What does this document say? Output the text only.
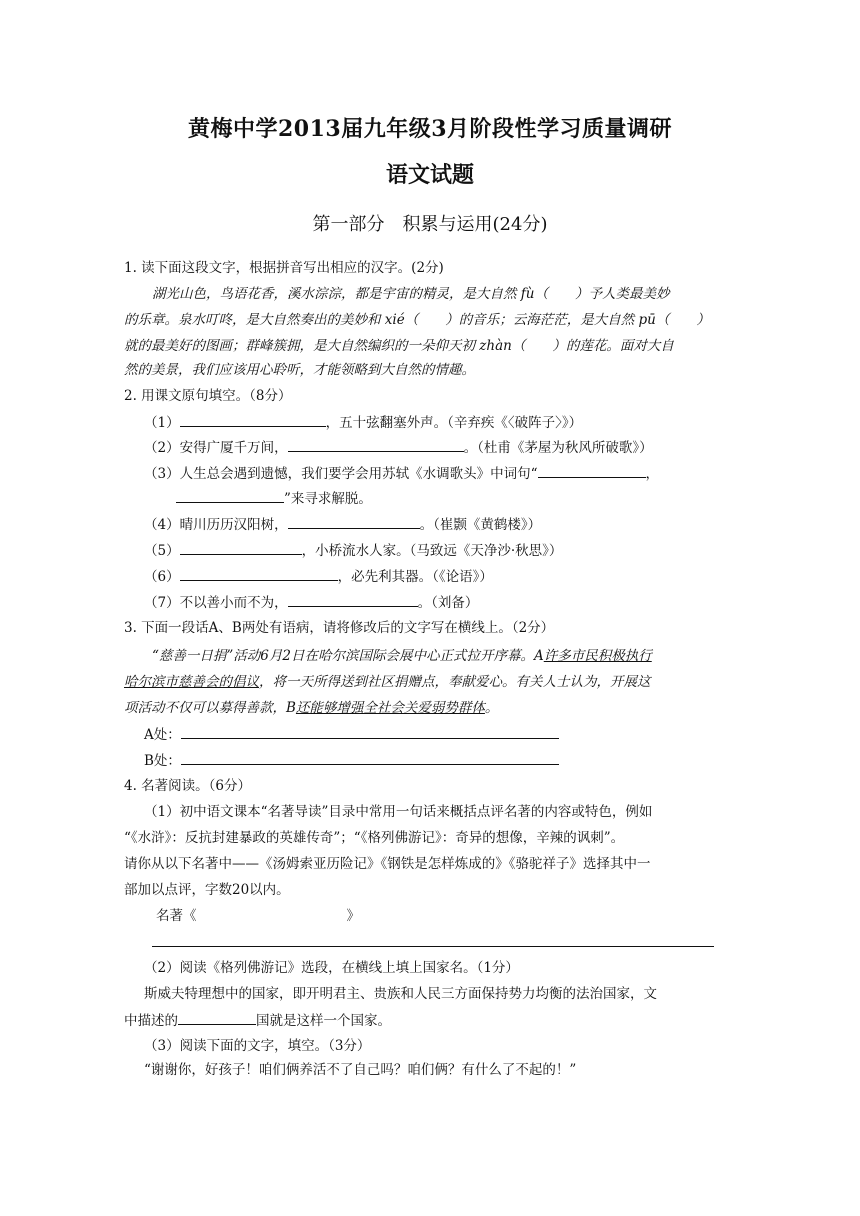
黄梅中学2013届九年级3月阶段性学习质量调研
语文试题
第一部分　积累与运用(24分)
1. 读下面这段文字，根据拼音写出相应的汉字。(2分)
湖光山色，鸟语花香，溪水淙淙，都是宇宙的精灵，是大自然 fù（　　）予人类最美妙
的乐章。泉水叮咚，是大自然奏出的美妙和 xié（　　）的音乐；云海茫茫，是大自然 pū（　　）
就的最美好的图画；群峰簇拥，是大自然编织的一朵仰天初 zhàn（　　）的莲花。面对大自
然的美景，我们应该用心聆听，才能领略到大自然的情趣。
2. 用课文原句填空。（8分）
（1）	，五十弦翻塞外声。（辛弃疾《〈破阵子〉》）
（2）安得广厦千万间，	。（杜甫《茅屋为秋风所破歌》）
（3）人生总会遇到遗憾，我们要学会用苏轼《水调歌头》中词句“	，
”来寻求解脱。
（4）晴川历历汉阳树，	。（崔颢《黄鹤楼》）
（5）	，小桥流水人家。（马致远《天净沙·秋思》）
（6）	，必先利其器。（《论语》）
（7）不以善小而不为，	。（刘备）
3. 下面一段话A、B两处有语病，请将修改后的文字写在横线上。（2分）
“慈善一日捐”活动6月2日在哈尔滨国际会展中心正式拉开序幕。A许多市民积极执行
哈尔滨市慈善会的倡议，将一天所得送到社区捐赠点，奉献爱心。有关人士认为，开展这
项活动不仅可以募得善款，B还能够增强全社会关爱弱势群体。
A处：
B处：
4. 名著阅读。（6分）
（1）初中语文课本“名著导读”目录中常用一句话来概括点评名著的内容或特色，例如
“《水浒》：反抗封建暴政的英雄传奇”；“《格列佛游记》：奇异的想像，辛辣的讽刺”。
请你从以下名著中——《汤姆索亚历险记》《钢铁是怎样炼成的》《骆驼祥子》选择其中一
部加以点评，字数20以内。
名著《	》
（2）阅读《格列佛游记》选段，在横线上填上国家名。（1分）
斯威夫特理想中的国家，即开明君主、贵族和人民三方面保持势力均衡的法治国家，文
中描述的	国就是这样一个国家。
（3）阅读下面的文字，填空。（3分）
“谢谢你，好孩子！咱们俩养活不了自己吗？咱们俩？有什么了不起的！”
